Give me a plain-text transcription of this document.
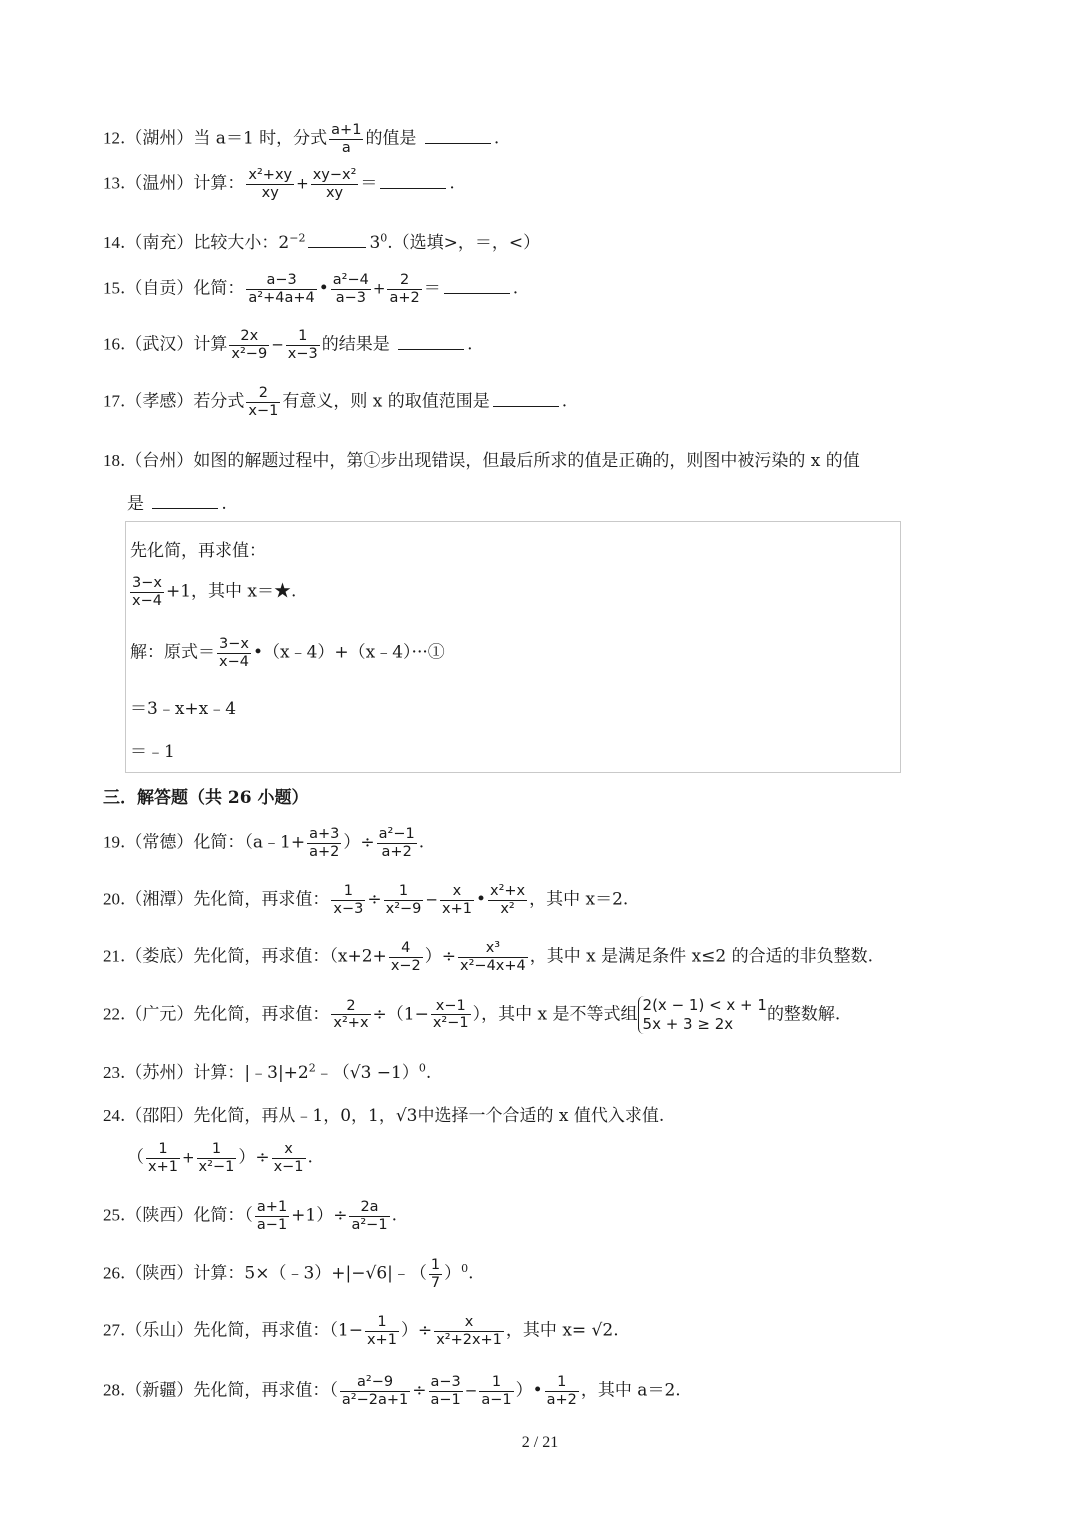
12.（湖州）当 a＝1 时，分式 $\frac{a+1}{a}$ 的值是	.
13.（温州）计算： $\frac{\text{x²+xy}}{xy} + \frac{\text{xy−x²}}{xy}$ ＝	.
14.（南充）比较大小：$2^{-2}$	$3^0$.（选填>，＝，<）
15.（自贡）化简： $\frac{a-3}{\text{a²+4a+4}}$ • $\frac{\text{a²−4}}{a-3} + \frac{2}{a+2}$ ＝	.
16.（武汉）计算 $\frac{2x}{\text{x²−9}} - \frac{1}{x-3}$ 的结果是	.
17.（孝感）若分式 $\frac{2}{x-1}$ 有意义，则 x 的取值范围是	.
18.（台州）如图的解题过程中，第①步出现错误，但最后所求的值是正确的，则图中被污染的 x 的值
是	.
先化简，再求值：
$\frac{3-x}{x-4} +1$，其中 x＝★.
解：原式＝ $\frac{3-x}{x-4}$ •（x﹣4）+（x﹣4）···①
＝3﹣x+x﹣4
＝﹣1
三．解答题（共 26 小题）
19.（常德）化简：（a﹣1+ $\frac{a+3}{a+2}$ ）÷ $\frac{\text{a²−1}}{a+2}$ .
20.（湘潭）先化简，再求值： $\frac{1}{x-3} \div \frac{1}{\text{x²−9}} - \frac{x}{x+1}$ • $\frac{\text{x²+x}}{\text{x²}}$ ，其中 x＝2.
21.（娄底）先化简，再求值：（$x+2+ \frac{4}{x-2}$ ）÷ $\frac{\text{x³}}{\text{x²−4x+4}}$ ，其中 x 是满足条件 x≤2 的合适的非负整数.
22.（广元）先化简，再求值： $\frac{2}{\text{x²+x}} \div(1- \frac{x-1}{\text{x²−1}}$ ），其中 x 是不等式组 2(x − 1) < x + 1
5x + 3 ≥ 2x	的整数解.
23.（苏州）计算：$|﹣3|+2^2﹣(√3 -1)^0$.
24.（邵阳）先化简，再从﹣1，0，1，√3中选择一个合适的 x 值代入求值.
（ $\frac{1}{x+1} + \frac{1}{\text{x²−1}}$ ）÷ $\frac{x}{x-1}$ .
25.（陕西）化简：（ $\frac{a+1}{a-1} +1)\div \frac{2a}{\text{a²−1}}$ .
26.（陕西）计算：5×（﹣3）+|−√6|﹣（ $\frac{1}{7} )^0$.
27.（乐山）先化简，再求值：（$1- \frac{1}{x+1}$ ）÷ $\frac{x}{\text{x²+2x+1}}$ ，其中 x= √2.
28.（新疆）先化简，再求值：（ $\frac{\text{a²−9}}{\text{a²−2a+1}} \div \frac{a-3}{a-1} - \frac{1}{a-1}$ ）• $\frac{1}{a+2}$ ，其中 a＝2.
2 / 21
